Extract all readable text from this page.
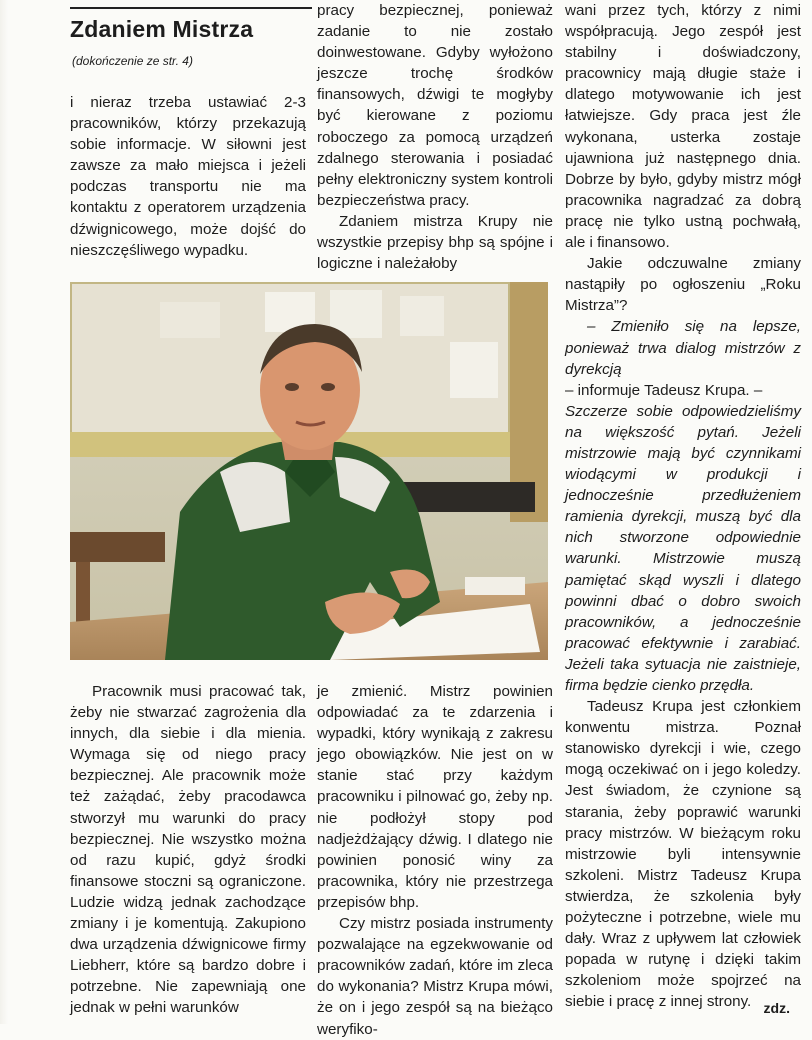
Zdaniem Mistrza
(dokończenie ze str. 4)

i nieraz trzeba ustawiać 2-3 pracowników, którzy przekazują sobie informacje. W siłowni jest zawsze za mało miejsca i jeżeli podczas transportu nie ma kontaktu z operatorem urządzenia dźwignicowego, może dojść do nieszczęśliwego wypadku.

pracy bezpiecznej, ponieważ zadanie to nie zostało doinwestowane. Gdyby wyłożono jeszcze trochę środków finansowych, dźwigi te mogłyby być kierowane z poziomu roboczego za pomocą urządzeń zdalnego sterowania i posiadać pełny elektroniczny system kontroli bezpieczeństwa pracy.

Zdaniem mistrza Krupy nie wszystkie przepisy bhp są spójne i logiczne i należałoby

Pracownik musi pracować tak, żeby nie stwarzać zagrożenia dla innych, dla siebie i dla mienia. Wymaga się od niego pracy bezpiecznej. Ale pracownik może też zażądać, żeby pracodawca stworzył mu warunki do pracy bezpiecznej. Nie wszystko można od razu kupić, gdyż środki finansowe stoczni są ograniczone. Ludzie widzą jednak zachodzące zmiany i je komentują. Zakupiono dwa urządzenia dźwignicowe firmy Liebherr, które są bardzo dobre i potrzebne. Nie zapewniają one jednak w pełni warunków

je zmienić. Mistrz powinien odpowiadać za te zdarzenia i wypadki, który wynikają z zakresu jego obowiązków. Nie jest on w stanie stać przy każdym pracowniku i pilnować go, żeby np. nie podłożył stopy pod nadjeżdżający dźwig. I dlatego nie powinien ponosić winy za pracownika, który nie przestrzega przepisów bhp.

Czy mistrz posiada instrumenty pozwalające na egzekwowanie od pracowników zadań, które im zleca do wykonania? Mistrz Krupa mówi, że on i jego zespół są na bieżąco weryfiko-

wani przez tych, którzy z nimi współpracują. Jego zespół jest stabilny i doświadczony, pracownicy mają długie staże i dlatego motywowanie ich jest łatwiejsze. Gdy praca jest źle wykonana, usterka zostaje ujawniona już następnego dnia. Dobrze by było, gdyby mistrz mógł pracownika nagradzać za dobrą pracę nie tylko ustną pochwałą, ale i finansowo.

Jakie odczuwalne zmiany nastąpiły po ogłoszeniu „Roku Mistrza”?

– Zmieniło się na lepsze, ponieważ trwa dialog mistrzów z dyrekcją

– informuje Tadeusz Krupa. –

Szczerze sobie odpowiedzieliśmy na większość pytań. Jeżeli mistrzowie mają być czynnikami wiodącymi w produkcji i jednocześnie przedłużeniem ramienia dyrekcji, muszą być dla nich stworzone odpowiednie warunki. Mistrzowie muszą pamiętać skąd wyszli i dlatego powinni dbać o dobro swoich pracowników, a jednocześnie pracować efektywnie i zarabiać. Jeżeli taka sytuacja nie zaistnieje, firma będzie cienko przędła.

Tadeusz Krupa jest członkiem konwentu mistrza. Poznał stanowisko dyrekcji i wie, czego mogą oczekiwać on i jego koledzy. Jest świadom, że czynione są starania, żeby poprawić warunki pracy mistrzów. W bieżącym roku mistrzowie byli intensywnie szkoleni. Mistrz Tadeusz Krupa stwierdza, że szkolenia były pożyteczne i potrzebne, wiele mu dały. Wraz z upływem lat człowiek popada w rutynę i dzięki takim szkoleniom może spojrzeć na siebie i pracę z innej strony. zdz.
